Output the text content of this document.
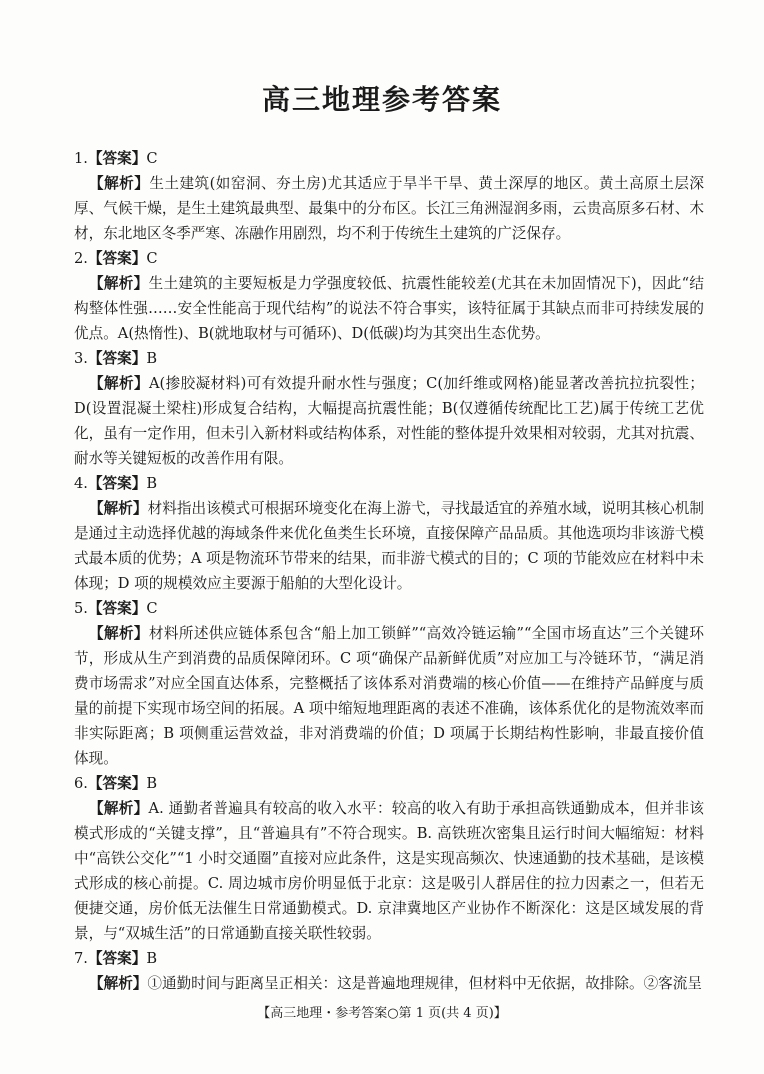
高三地理参考答案
1.【答案】C

【解析】生土建筑(如窑洞、夯土房)尤其适应于旱半干旱、黄土深厚的地区。黄土高原土层深厚、气候干燥，是生土建筑最典型、最集中的分布区。长江三角洲湿润多雨，云贵高原多石材、木材，东北地区冬季严寒、冻融作用剧烈，均不利于传统生土建筑的广泛保存。

2.【答案】C

【解析】生土建筑的主要短板是力学强度较低、抗震性能较差(尤其在未加固情况下)，因此“结构整体性强……安全性能高于现代结构”的说法不符合事实，该特征属于其缺点而非可持续发展的优点。A(热惰性)、B(就地取材与可循环)、D(低碳)均为其突出生态优势。

3.【答案】B

【解析】A(掺胶凝材料)可有效提升耐水性与强度；C(加纤维或网格)能显著改善抗拉抗裂性；D(设置混凝土梁柱)形成复合结构，大幅提高抗震性能；B(仅遵循传统配比工艺)属于传统工艺优化，虽有一定作用，但未引入新材料或结构体系，对性能的整体提升效果相对较弱，尤其对抗震、耐水等关键短板的改善作用有限。

4.【答案】B

【解析】材料指出该模式可根据环境变化在海上游弋，寻找最适宜的养殖水域，说明其核心机制是通过主动选择优越的海域条件来优化鱼类生长环境，直接保障产品品质。其他选项均非该游弋模式最本质的优势；A 项是物流环节带来的结果，而非游弋模式的目的；C 项的节能效应在材料中未体现；D 项的规模效应主要源于船舶的大型化设计。

5.【答案】C

【解析】材料所述供应链体系包含“船上加工锁鲜”“高效冷链运输”“全国市场直达”三个关键环节，形成从生产到消费的品质保障闭环。C 项“确保产品新鲜优质”对应加工与冷链环节，“满足消费市场需求”对应全国直达体系，完整概括了该体系对消费端的核心价值——在维持产品鲜度与质量的前提下实现市场空间的拓展。A 项中缩短地理距离的表述不准确，该体系优化的是物流效率而非实际距离；B 项侧重运营效益，非对消费端的价值；D 项属于长期结构性影响，非最直接价值体现。

6.【答案】B

【解析】A. 通勤者普遍具有较高的收入水平：较高的收入有助于承担高铁通勤成本，但并非该模式形成的“关键支撑”，且“普遍具有”不符合现实。B. 高铁班次密集且运行时间大幅缩短：材料中“高铁公交化”“1 小时交通圈”直接对应此条件，这是实现高频次、快速通勤的技术基础，是该模式形成的核心前提。C. 周边城市房价明显低于北京：这是吸引人群居住的拉力因素之一，但若无便捷交通，房价低无法催生日常通勤模式。D. 京津冀地区产业协作不断深化：这是区域发展的背景，与“双城生活”的日常通勤直接关联性较弱。

7.【答案】B

【解析】①通勤时间与距离呈正相关：这是普遍地理规律，但材料中无依据，故排除。②客流呈

【高三地理・参考答案○第 1 页(共 4 页)】
